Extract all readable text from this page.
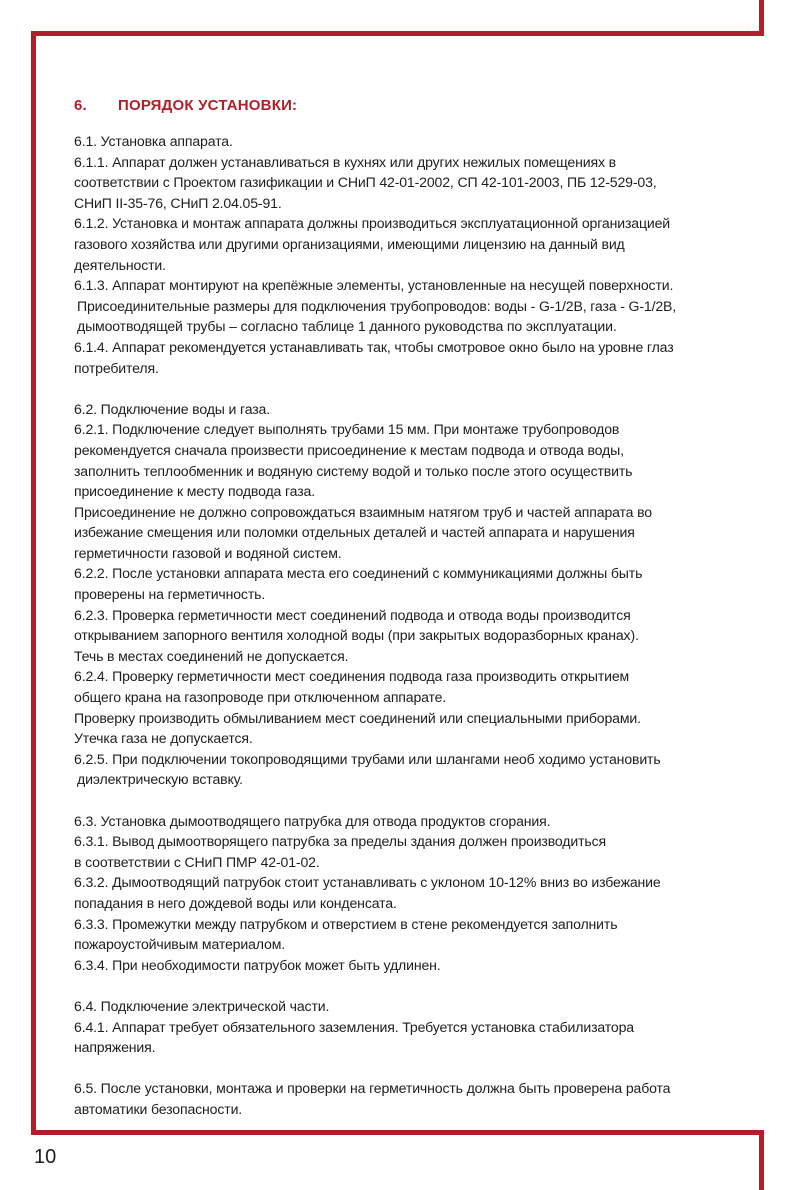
6. ПОРЯДОК УСТАНОВКИ:
6.1. Установка аппарата.
6.1.1. Аппарат должен устанавливаться в кухнях или других нежилых помещениях в
соответствии с Проектом газификации и СНиП 42-01-2002, СП 42-101-2003, ПБ 12-529-03,
СНиП II-35-76, СНиП 2.04.05-91.
6.1.2. Установка и монтаж аппарата должны производиться эксплуатационной организацией
газового хозяйства или другими организациями, имеющими лицензию на данный вид
деятельности.
6.1.3. Аппарат монтируют на крепёжные элементы, установленные на несущей поверхности.
Присоединительные размеры для подключения трубопроводов: воды - G-1/2В, газа - G-1/2В,
дымоотводящей трубы – согласно таблице 1 данного руководства по эксплуатации.
6.1.4. Аппарат рекомендуется устанавливать так, чтобы смотровое окно было на уровне глаз
потребителя.
6.2. Подключение воды и газа.
6.2.1. Подключение следует выполнять трубами 15 мм. При монтаже трубопроводов
рекомендуется сначала произвести присоединение к местам подвода и отвода воды,
заполнить теплообменник и водяную систему водой и только после этого осуществить
присоединение к месту подвода газа.
Присоединение не должно сопровождаться взаимным натягом труб и частей аппарата во
избежание смещения или поломки отдельных деталей и частей аппарата и нарушения
герметичности газовой и водяной систем.
6.2.2. После установки аппарата места его соединений с коммуникациями должны быть
проверены на герметичность.
6.2.3. Проверка герметичности мест соединений подвода и отвода воды производится
открыванием запорного вентиля холодной воды (при закрытых водоразборных кранах).
Течь в местах соединений не допускается.
6.2.4. Проверку герметичности мест соединения подвода газа производить открытием
общего крана на газопроводе при отключенном аппарате.
Проверку производить обмыливанием мест соединений или специальными приборами.
Утечка газа не допускается.
6.2.5. При подключении токопроводящими трубами или шлангами необ ходимо установить
диэлектрическую вставку.
6.3. Установка дымоотводящего патрубка для отвода продуктов сгорания.
6.3.1. Вывод дымоотворящего патрубка за пределы здания должен производиться
в соответствии с СНиП ПМР 42-01-02.
6.3.2. Дымоотводящий патрубок стоит устанавливать с уклоном 10-12% вниз во избежание
попадания в него дождевой воды или конденсата.
6.3.3. Промежутки между патрубком и отверстием в стене рекомендуется заполнить
пожароустойчивым материалом.
6.3.4. При необходимости патрубок может быть удлинен.
6.4. Подключение электрической части.
6.4.1. Аппарат требует обязательного заземления. Требуется установка стабилизатора
напряжения.
6.5. После установки, монтажа и проверки на герметичность должна быть проверена работа
автоматики безопасности.
10
